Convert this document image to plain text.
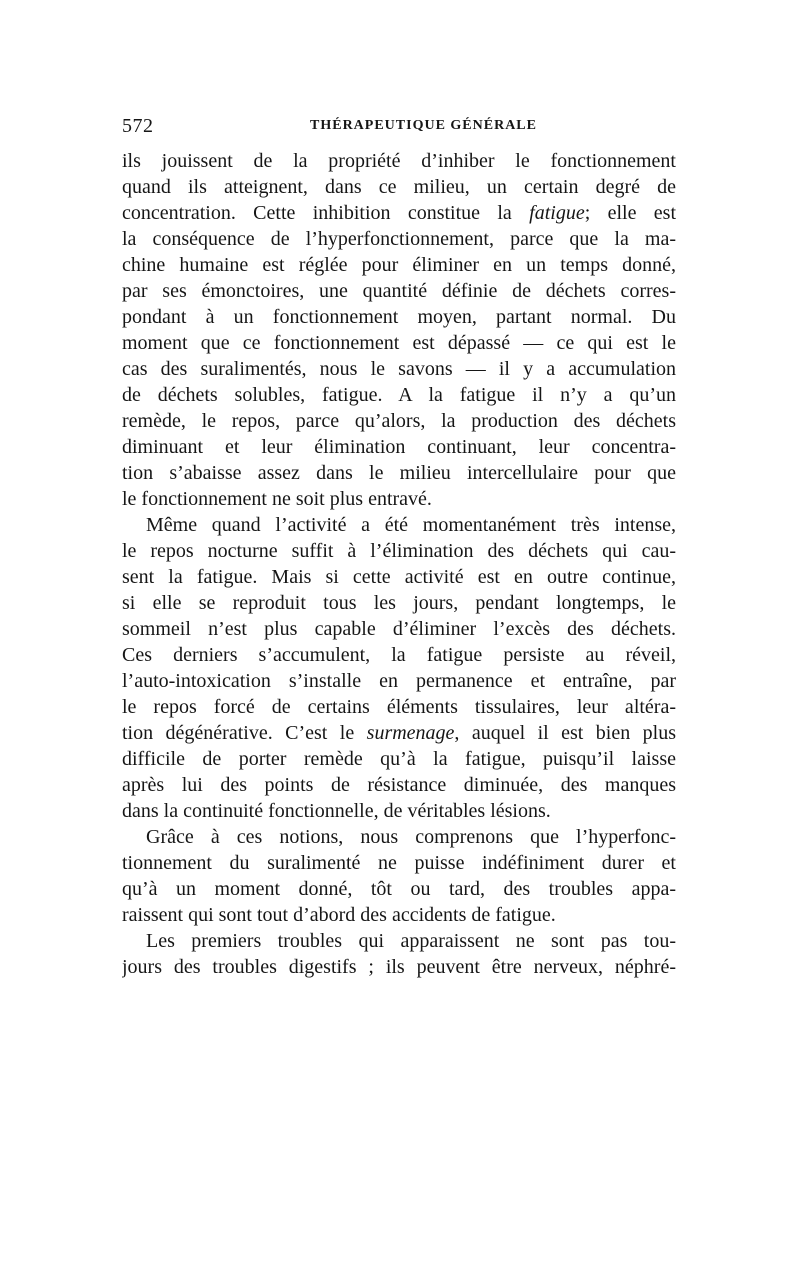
572	THÉRAPEUTIQUE GÉNÉRALE
ils jouissent de la propriété d’inhiber le fonctionnement
quand ils atteignent, dans ce milieu, un certain degré de
concentration. Cette inhibition constitue la fatigue; elle est
la conséquence de l’hyperfonctionnement, parce que la ma-
chine humaine est réglée pour éliminer en un temps donné,
par ses émonctoires, une quantité définie de déchets corres-
pondant à un fonctionnement moyen, partant normal. Du
moment que ce fonctionnement est dépassé — ce qui est le
cas des suralimentés, nous le savons — il y a accumulation
de déchets solubles, fatigue. A la fatigue il n’y a qu’un
remède, le repos, parce qu’alors, la production des déchets
diminuant et leur élimination continuant, leur concentra-
tion s’abaisse assez dans le milieu intercellulaire pour que
le fonctionnement ne soit plus entravé.
Même quand l’activité a été momentanément très intense,
le repos nocturne suffit à l’élimination des déchets qui cau-
sent la fatigue. Mais si cette activité est en outre continue,
si elle se reproduit tous les jours, pendant longtemps, le
sommeil n’est plus capable d’éliminer l’excès des déchets.
Ces derniers s’accumulent, la fatigue persiste au réveil,
l’auto-intoxication s’installe en permanence et entraîne, par
le repos forcé de certains éléments tissulaires, leur altéra-
tion dégénérative. C’est le surmenage, auquel il est bien plus
difficile de porter remède qu’à la fatigue, puisqu’il laisse
après lui des points de résistance diminuée, des manques
dans la continuité fonctionnelle, de véritables lésions.
Grâce à ces notions, nous comprenons que l’hyperfonc-
tionnement du suralimenté ne puisse indéfiniment durer et
qu’à un moment donné, tôt ou tard, des troubles appa-
raissent qui sont tout d’abord des accidents de fatigue.
Les premiers troubles qui apparaissent ne sont pas tou-
jours des troubles digestifs ; ils peuvent être nerveux, néphré-
